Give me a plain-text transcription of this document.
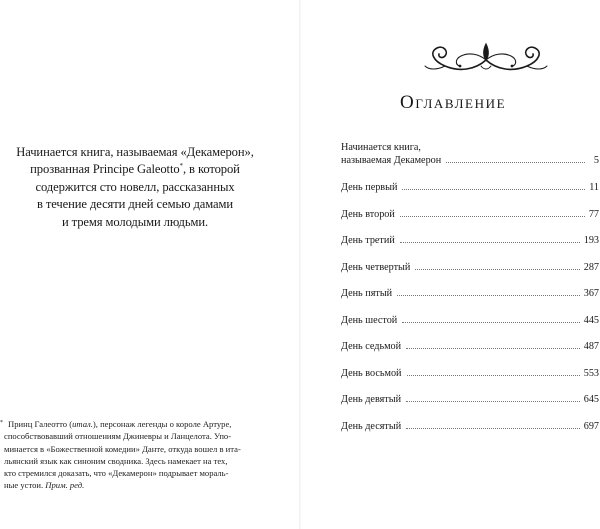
Начинается книга, называемая «Декамерон»,
прозванная Principe Galeotto*, в которой
содержится сто новелл, рассказанных
в течение десяти дней семью дамами
и тремя молодыми людьми.
* Принц Галеотто (итал.), персонаж легенды о короле Артуре,
способствовавший отношениям Джиневры и Ланцелота. Упо-
минается в «Божественной комедии» Данте, откуда вошел в ита-
льянский язык как синоним сводника. Здесь намекает на тех,
кто стремился доказать, что «Декамерон» подрывает мораль-
ные устои. Прим. ред.
Оглавление
Начинается книга,
называемая Декамерон	5
День первый	11
День второй	77
День третий	193
День четвертый	287
День пятый	367
День шестой	445
День седьмой	487
День восьмой	553
День девятый	645
День десятый	697
